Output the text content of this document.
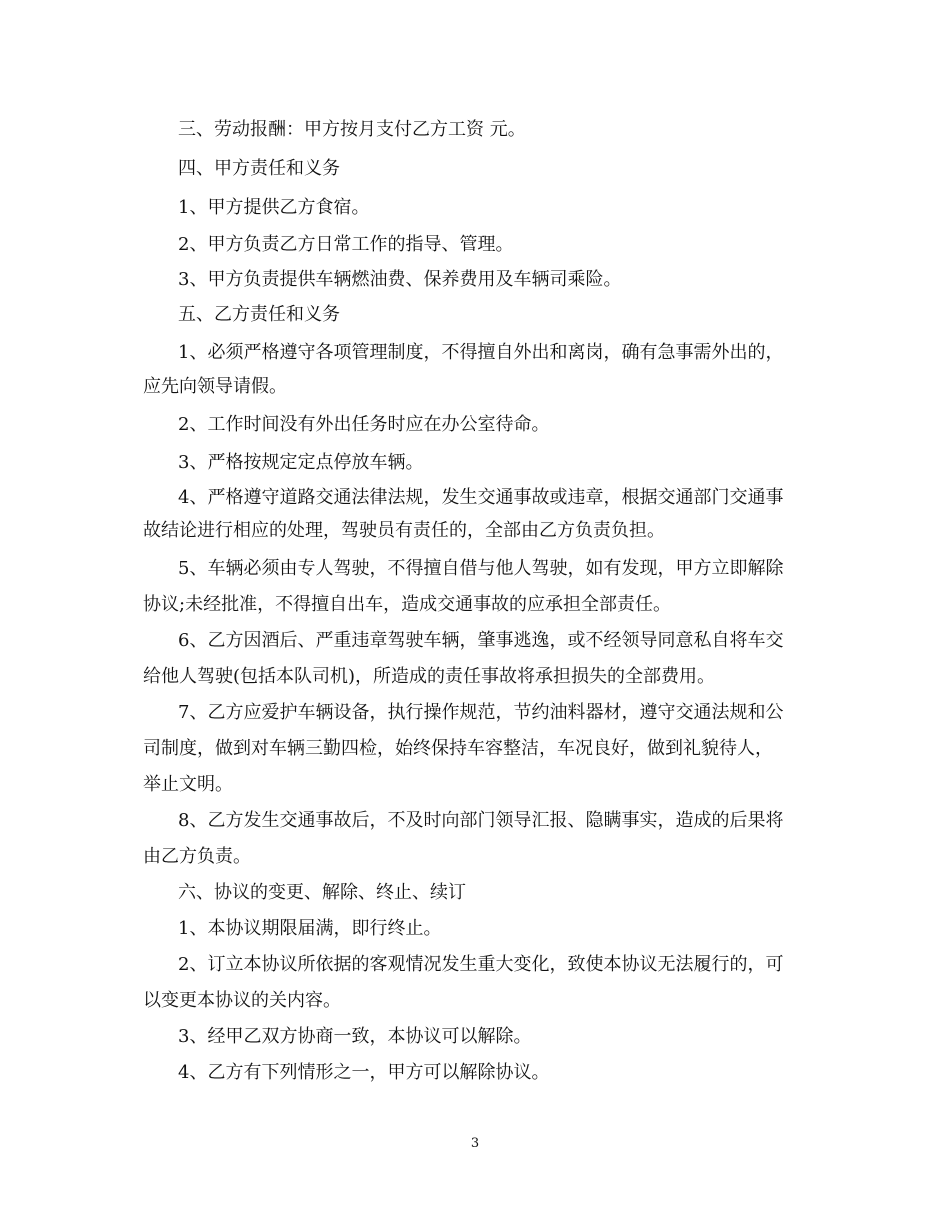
三、劳动报酬：甲方按月支付乙方工资 元。
四、甲方责任和义务
1、甲方提供乙方食宿。
2、甲方负责乙方日常工作的指导、管理。
3、甲方负责提供车辆燃油费、保养费用及车辆司乘险。
五、乙方责任和义务
1、必须严格遵守各项管理制度，不得擅自外出和离岗，确有急事需外出的，
应先向领导请假。
2、工作时间没有外出任务时应在办公室待命。
3、严格按规定定点停放车辆。
4、严格遵守道路交通法律法规，发生交通事故或违章，根据交通部门交通事
故结论进行相应的处理，驾驶员有责任的，全部由乙方负责负担。
5、车辆必须由专人驾驶，不得擅自借与他人驾驶，如有发现，甲方立即解除
协议;未经批准，不得擅自出车，造成交通事故的应承担全部责任。
6、乙方因酒后、严重违章驾驶车辆，肇事逃逸，或不经领导同意私自将车交
给他人驾驶(包括本队司机)，所造成的责任事故将承担损失的全部费用。
7、乙方应爱护车辆设备，执行操作规范，节约油料器材，遵守交通法规和公
司制度，做到对车辆三勤四检，始终保持车容整洁，车况良好，做到礼貌待人，
举止文明。
8、乙方发生交通事故后，不及时向部门领导汇报、隐瞒事实，造成的后果将
由乙方负责。
六、协议的变更、解除、终止、续订
1、本协议期限届满，即行终止。
2、订立本协议所依据的客观情况发生重大变化，致使本协议无法履行的，可
以变更本协议的关内容。
3、经甲乙双方协商一致，本协议可以解除。
4、乙方有下列情形之一，甲方可以解除协议。
3
